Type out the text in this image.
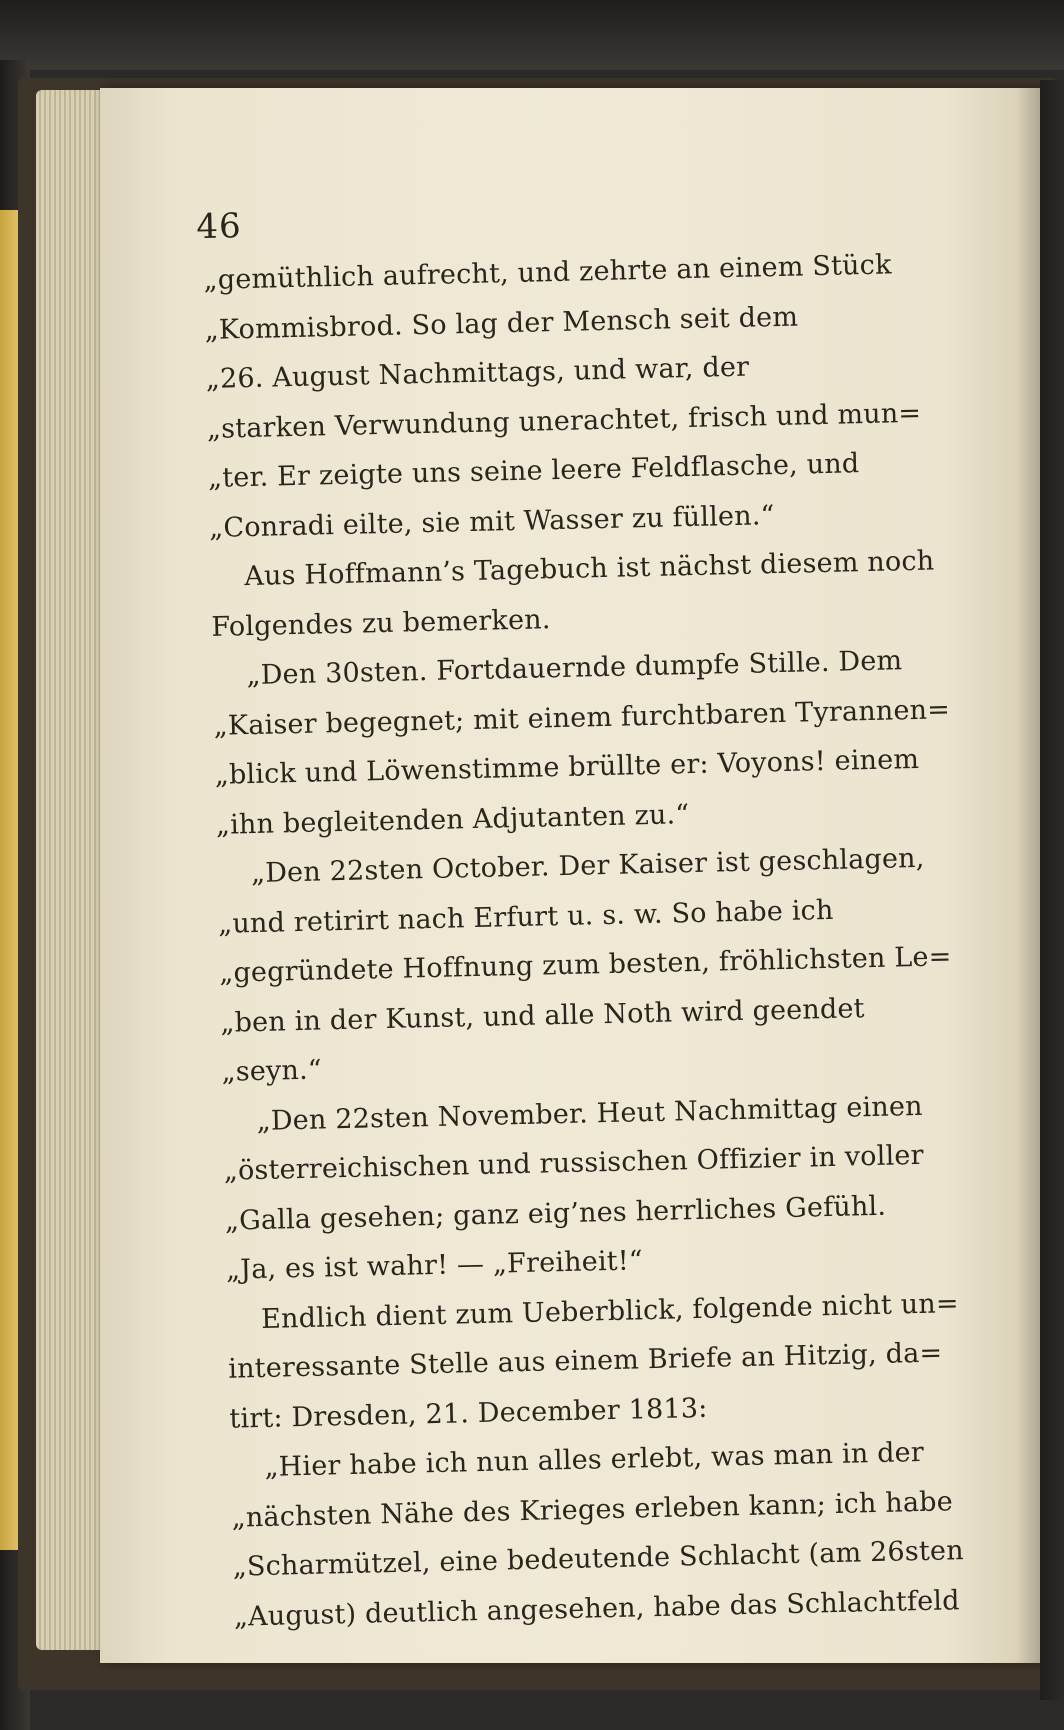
46
„gemüthlich aufrecht, und zehrte an einem Stück
„Kommisbrod. So lag der Mensch seit dem
„26. August Nachmittags, und war, der
„starken Verwundung unerachtet, frisch und mun=
„ter. Er zeigte uns seine leere Feldflasche, und
„Conradi eilte, sie mit Wasser zu füllen.“
Aus Hoffmann’s Tagebuch ist nächst diesem noch
Folgendes zu bemerken.
„Den 30sten. Fortdauernde dumpfe Stille. Dem
„Kaiser begegnet; mit einem furchtbaren Tyrannen=
„blick und Löwenstimme brüllte er: Voyons! einem
„ihn begleitenden Adjutanten zu.“
„Den 22sten October. Der Kaiser ist geschlagen,
„und retirirt nach Erfurt u. s. w. So habe ich
„gegründete Hoffnung zum besten, fröhlichsten Le=
„ben in der Kunst, und alle Noth wird geendet
„seyn.“
„Den 22sten November. Heut Nachmittag einen
„österreichischen und russischen Offizier in voller
„Galla gesehen; ganz eig’nes herrliches Gefühl.
„Ja, es ist wahr! — „Freiheit!“
Endlich dient zum Ueberblick, folgende nicht un=
interessante Stelle aus einem Briefe an Hitzig, da=
tirt: Dresden, 21. December 1813:
„Hier habe ich nun alles erlebt, was man in der
„nächsten Nähe des Krieges erleben kann; ich habe
„Scharmützel, eine bedeutende Schlacht (am 26sten
„August) deutlich angesehen, habe das Schlachtfeld
